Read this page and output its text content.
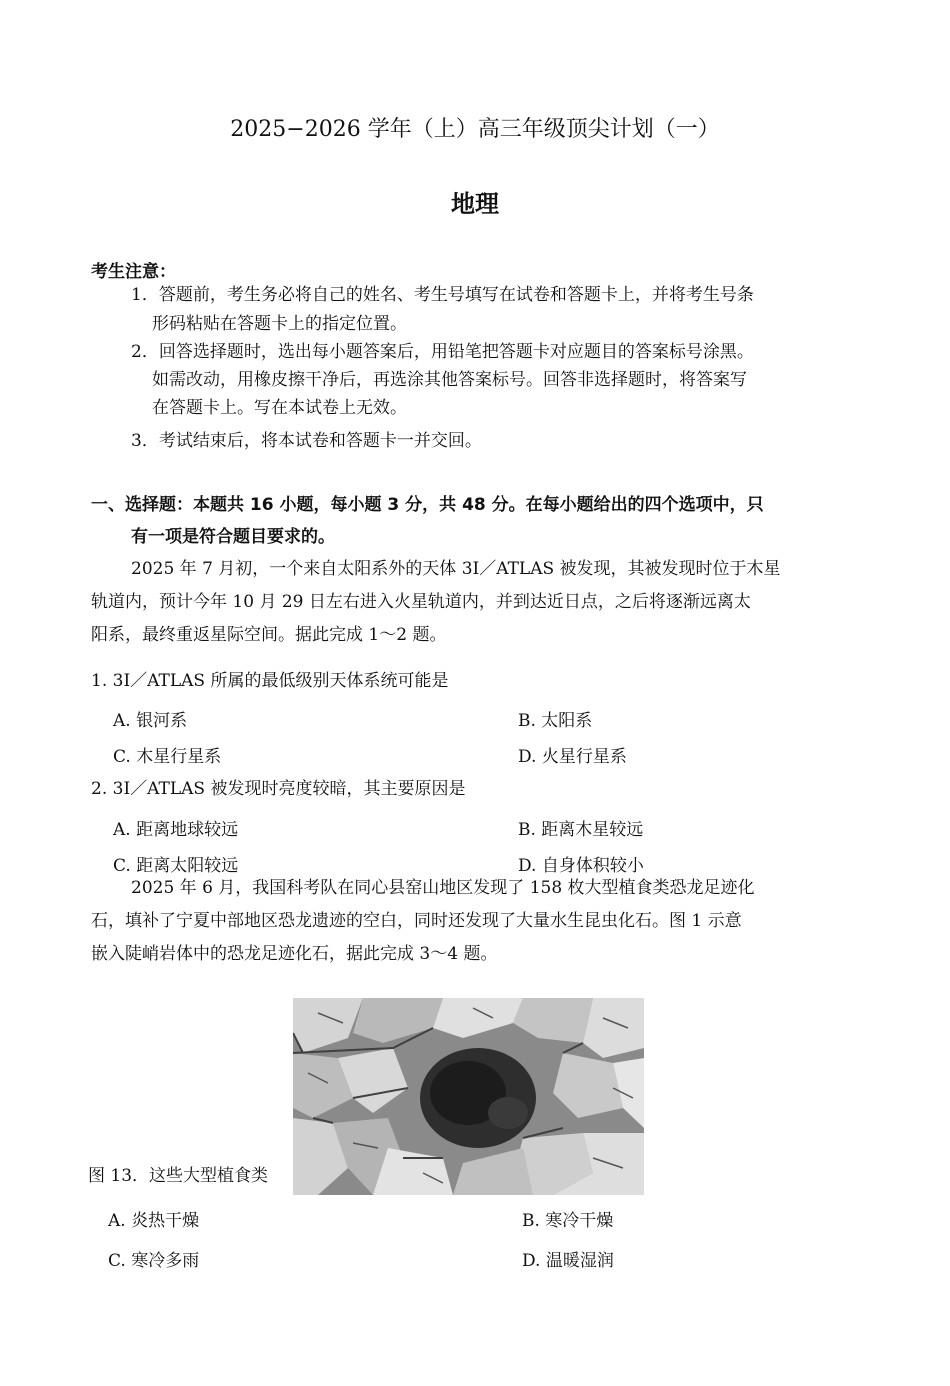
2025−2026 学年（上）高三年级顶尖计划（一）
地理
考生注意：
1．答题前，考生务必将自己的姓名、考生号填写在试卷和答题卡上，并将考生号条
形码粘贴在答题卡上的指定位置。
2．回答选择题时，选出每小题答案后，用铅笔把答题卡对应题目的答案标号涂黑。
如需改动，用橡皮擦干净后，再选涂其他答案标号。回答非选择题时，将答案写
在答题卡上。写在本试卷上无效。
3．考试结束后，将本试卷和答题卡一并交回。
一、选择题：本题共 16 小题，每小题 3 分，共 48 分。在每小题给出的四个选项中，只
有一项是符合题目要求的。
2025 年 7 月初，一个来自太阳系外的天体 3I／ATLAS 被发现，其被发现时位于木星
轨道内，预计今年 10 月 29 日左右进入火星轨道内，并到达近日点，之后将逐渐远离太
阳系，最终重返星际空间。据此完成 1～2 题。
1. 3I／ATLAS 所属的最低级别天体系统可能是
A. 银河系	B. 太阳系
C. 木星行星系	D. 火星行星系
2. 3I／ATLAS 被发现时亮度较暗，其主要原因是
A. 距离地球较远	B. 距离木星较远
C. 距离太阳较远	D. 自身体积较小
2025 年 6 月，我国科考队在同心县窑山地区发现了 158 枚大型植食类恐龙足迹化
石，填补了宁夏中部地区恐龙遗迹的空白，同时还发现了大量水生昆虫化石。图 1 示意
嵌入陡峭岩体中的恐龙足迹化石，据此完成 3～4 题。
图 13．这些大型植食类
A. 炎热干燥	B. 寒冷干燥
C. 寒冷多雨	D. 温暖湿润
